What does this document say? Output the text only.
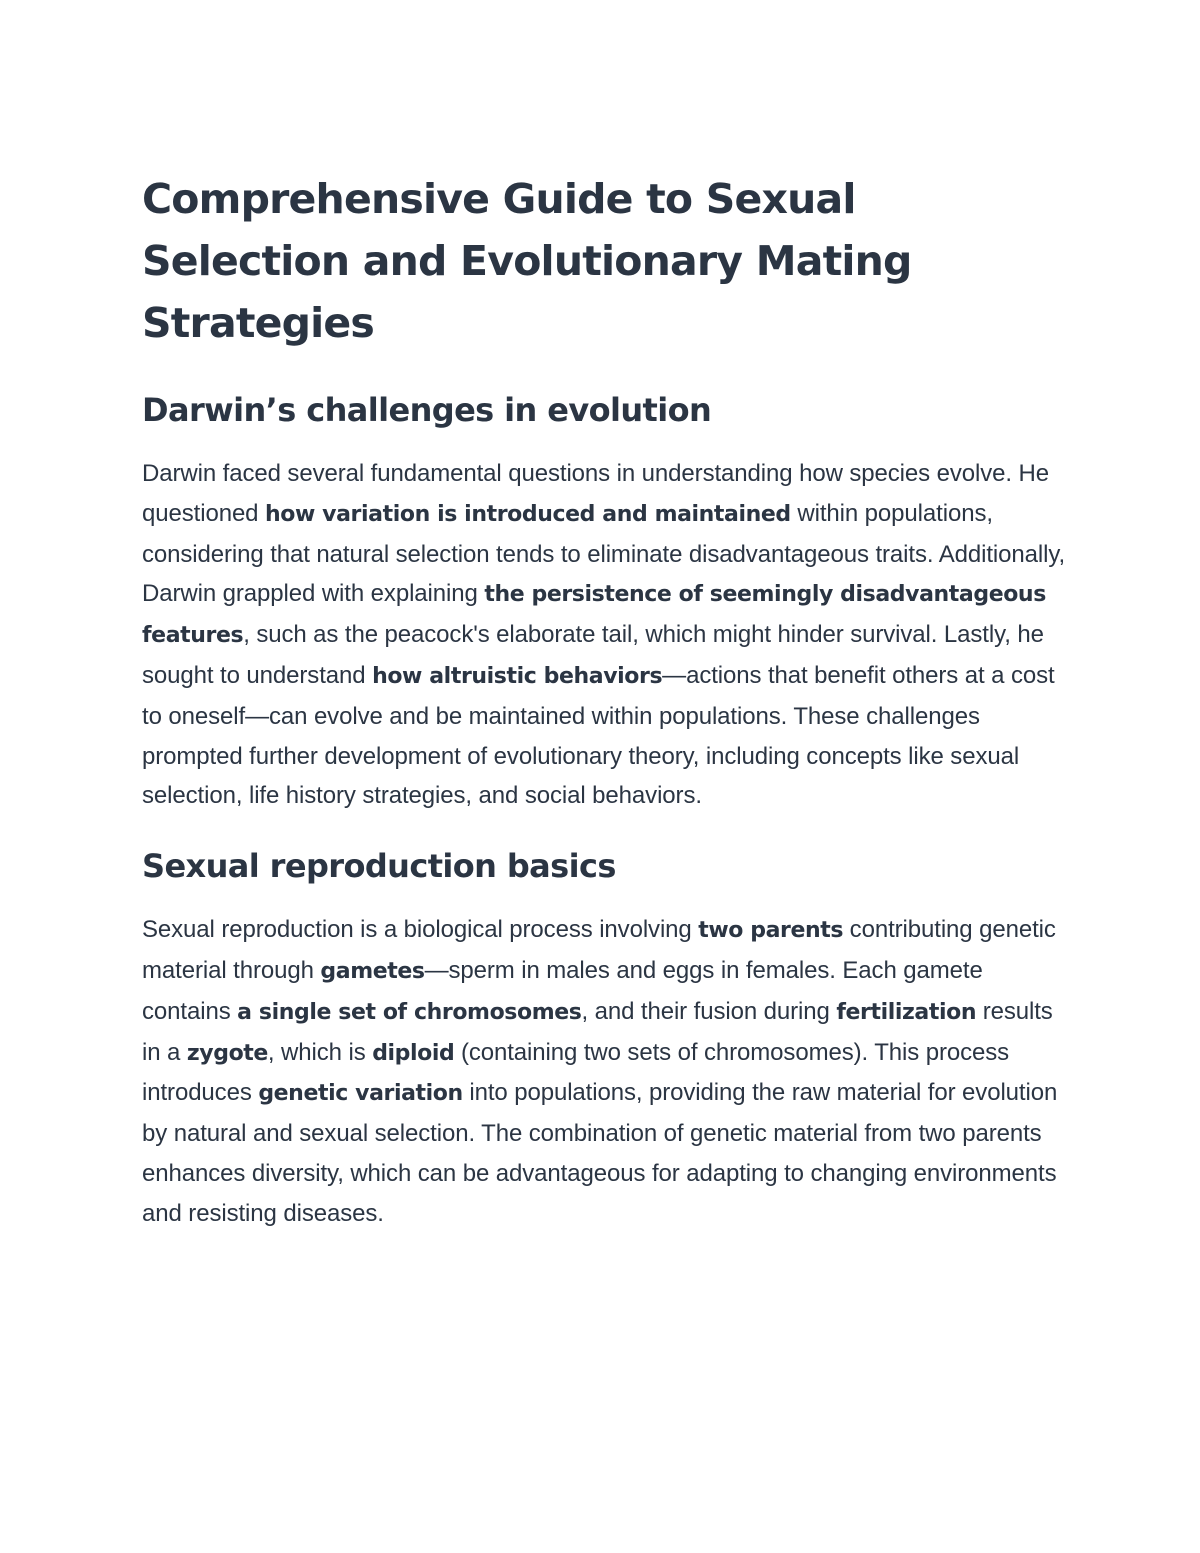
Comprehensive Guide to Sexual Selection and Evolutionary Mating Strategies
Darwin’s challenges in evolution

Darwin faced several fundamental questions in understanding how species evolve. He questioned how variation is introduced and maintained within populations, considering that natural selection tends to eliminate disadvantageous traits. Additionally, Darwin grappled with explaining the persistence of seemingly disadvantageous features, such as the peacock's elaborate tail, which might hinder survival. Lastly, he sought to understand how altruistic behaviors—actions that benefit others at a cost to oneself—can evolve and be maintained within populations. These challenges prompted further development of evolutionary theory, including concepts like sexual selection, life history strategies, and social behaviors.

Sexual reproduction basics

Sexual reproduction is a biological process involving two parents contributing genetic material through gametes—sperm in males and eggs in females. Each gamete contains a single set of chromosomes, and their fusion during fertilization results in a zygote, which is diploid (containing two sets of chromosomes). This process introduces genetic variation into populations, providing the raw material for evolution by natural and sexual selection. The combination of genetic material from two parents enhances diversity, which can be advantageous for adapting to changing environments and resisting diseases.
